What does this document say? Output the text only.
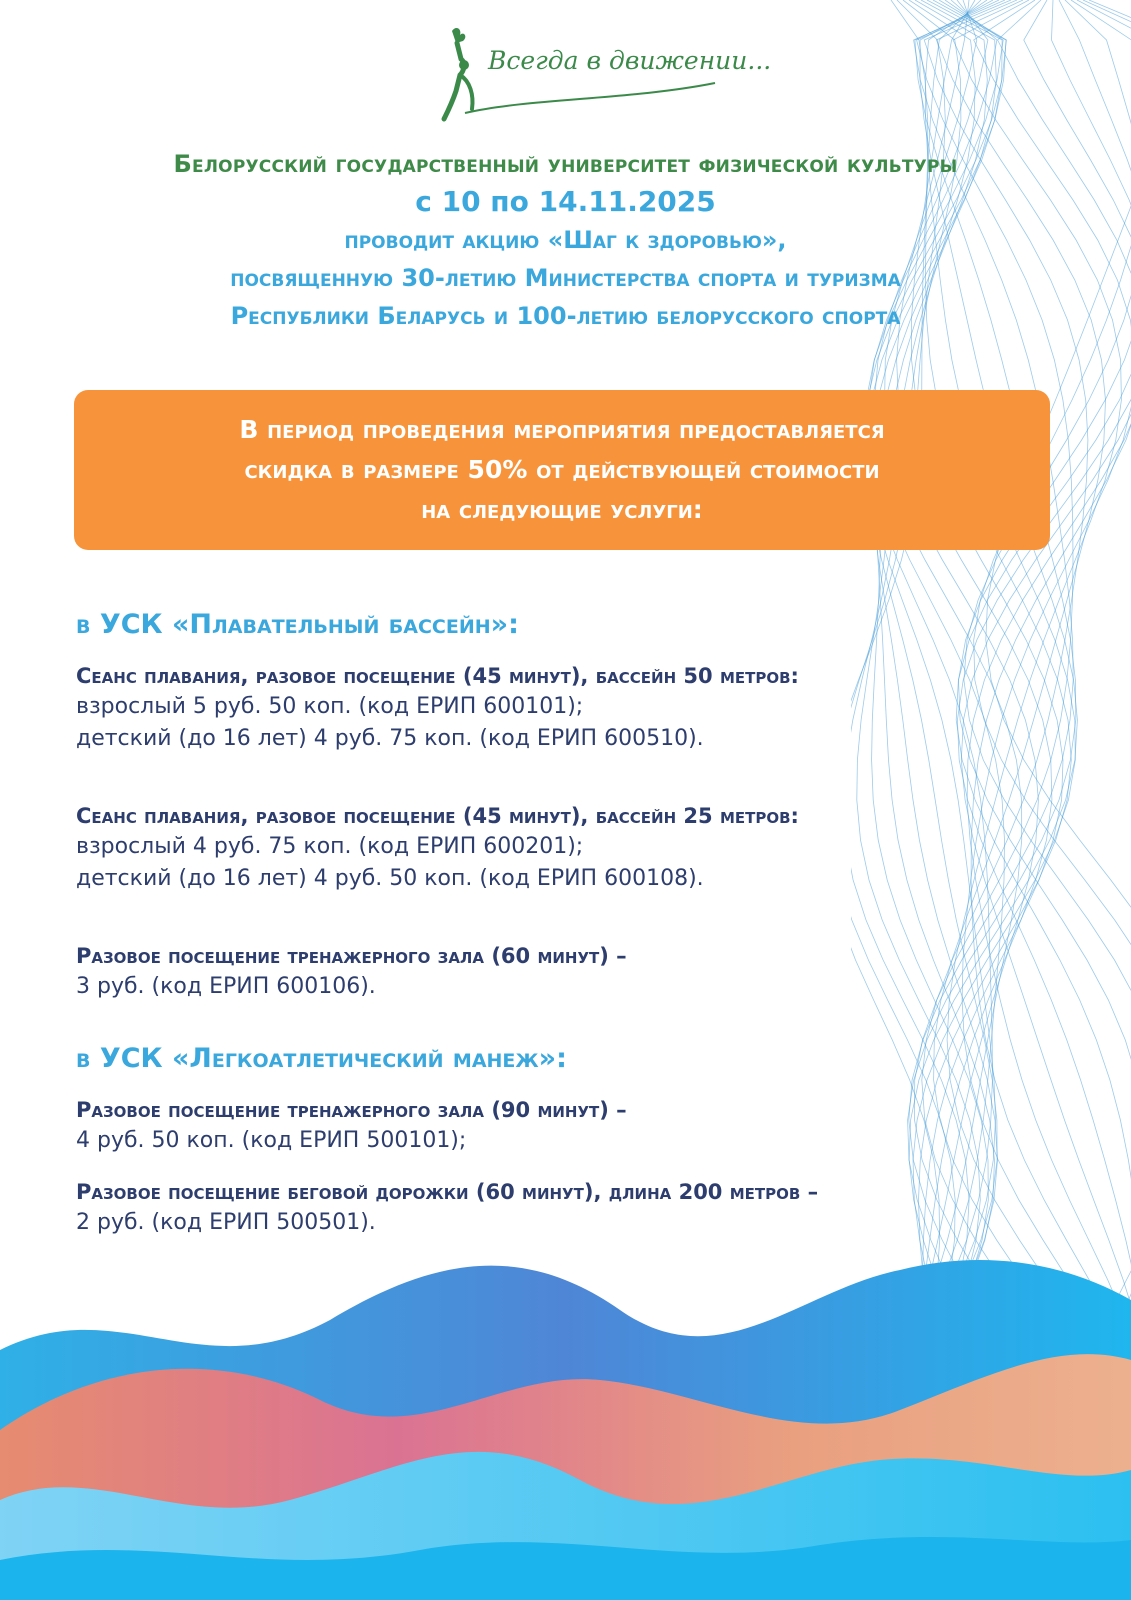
Всегда в движении...
Белорусский государственный университет физической культуры
с 10 по 14.11.2025
проводит акцию «Шаг к здоровью»,
посвященную 30-летию Министерства спорта и туризма
Республики Беларусь и 100-летию белорусского спорта
В период проведения мероприятия предоставляется
скидка в размере 50% от действующей стоимости
на следующие услуги:
в УСК «Плавательный бассейн»:
Сеанс плавания, разовое посещение (45 минут), бассейн 50 метров:
взрослый 5 руб. 50 коп. (код ЕРИП 600101);
детский (до 16 лет) 4 руб. 75 коп. (код ЕРИП 600510).
Сеанс плавания, разовое посещение (45 минут), бассейн 25 метров:
взрослый 4 руб. 75 коп. (код ЕРИП 600201);
детский (до 16 лет) 4 руб. 50 коп. (код ЕРИП 600108).
Разовое посещение тренажерного зала (60 минут) –
3 руб. (код ЕРИП 600106).
в УСК «Легкоатлетический манеж»:
Разовое посещение тренажерного зала (90 минут) –
4 руб. 50 коп. (код ЕРИП 500101);
Разовое посещение беговой дорожки (60 минут), длина 200 метров –
2 руб. (код ЕРИП 500501).
